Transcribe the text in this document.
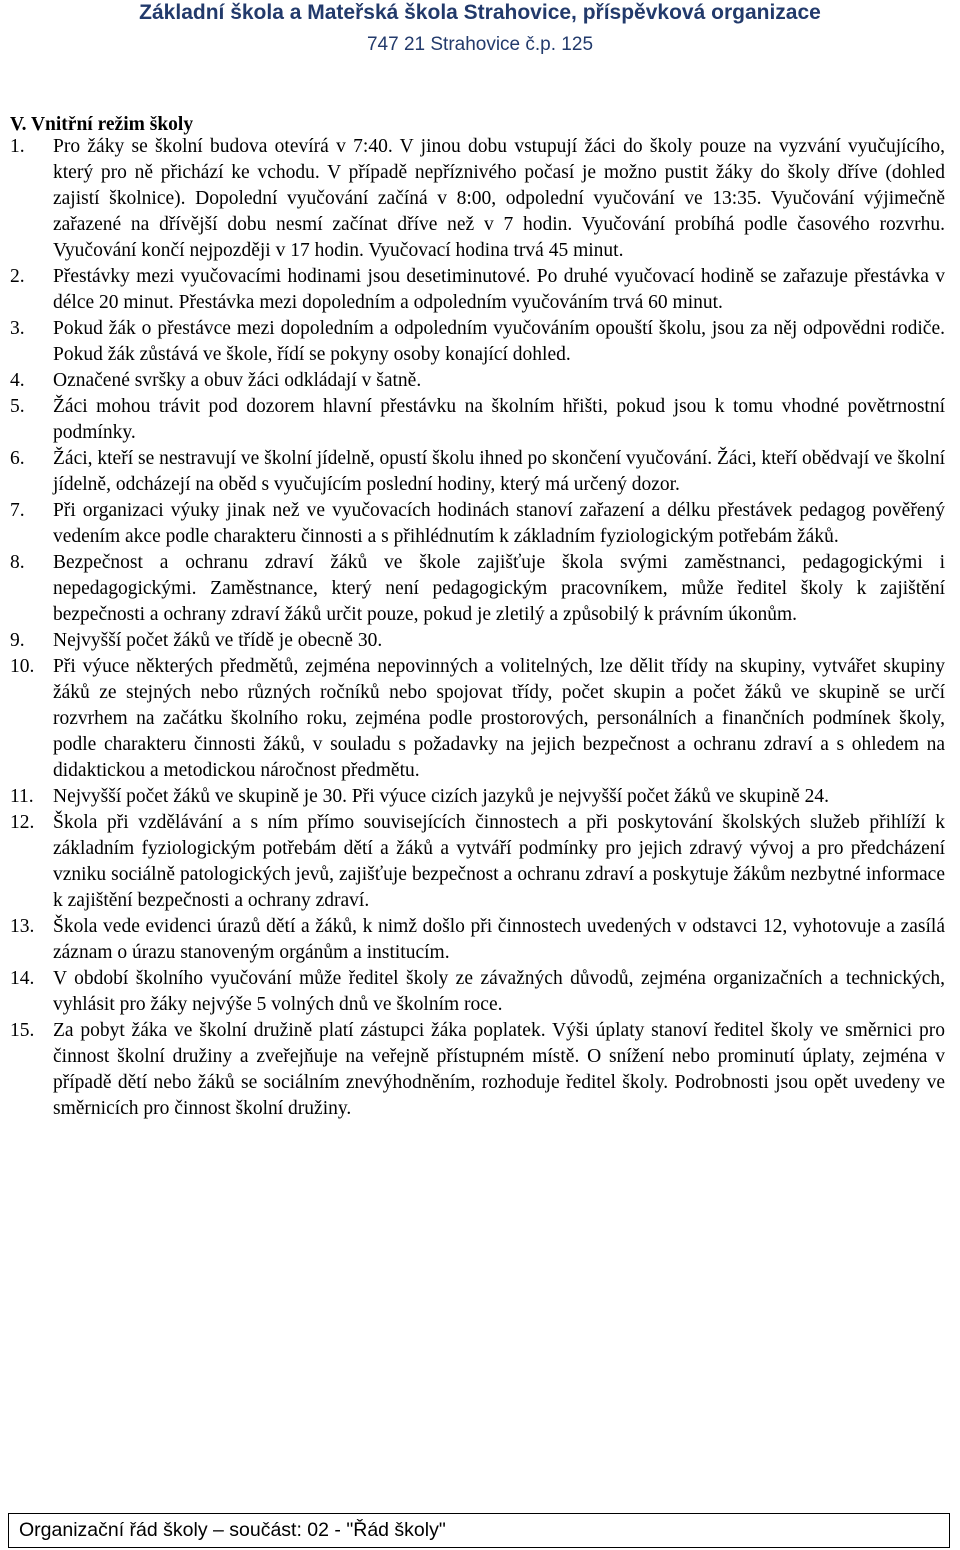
Základní škola a Mateřská škola Strahovice, příspěvková organizace
747 21 Strahovice č.p. 125
V. Vnitřní režim školy
1.	Pro žáky se školní budova otevírá v 7:40. V jinou dobu vstupují žáci do školy pouze na vyzvání vyučujícího, který pro ně přichází ke vchodu. V případě nepříznivého počasí je možno pustit žáky do školy dříve (dohled zajistí školnice). Dopolední vyučování začíná v 8:00, odpolední vyučování ve 13:35. Vyučování výjimečně zařazené na dřívější dobu nesmí začínat dříve než v 7 hodin. Vyučování probíhá podle časového rozvrhu. Vyučování končí nejpozději v 17 hodin. Vyučovací hodina trvá 45 minut.
2.	Přestávky mezi vyučovacími hodinami jsou desetiminutové. Po druhé vyučovací hodině se zařazuje přestávka v délce 20 minut. Přestávka mezi dopoledním a odpoledním vyučováním trvá 60 minut.
3.	Pokud žák o přestávce mezi dopoledním a odpoledním vyučováním opouští školu, jsou za něj odpovědni rodiče. Pokud žák zůstává ve škole, řídí se pokyny osoby konající dohled.
4.	Označené svršky a obuv žáci odkládají v šatně.
5.	Žáci mohou trávit pod dozorem hlavní přestávku na školním hřišti, pokud jsou k tomu vhodné povětrnostní podmínky.
6.	Žáci, kteří se nestravují ve školní jídelně, opustí školu ihned po skončení vyučování. Žáci, kteří obědvají ve školní jídelně, odcházejí na oběd s vyučujícím poslední hodiny, který má určený dozor.
7.	Při organizaci výuky jinak než ve vyučovacích hodinách stanoví zařazení a délku přestávek pedagog pověřený vedením akce podle charakteru činnosti a s přihlédnutím k základním fyziologickým potřebám žáků.
8.	Bezpečnost a ochranu zdraví žáků ve škole zajišťuje škola svými zaměstnanci, pedagogickými i nepedagogickými. Zaměstnance, který není pedagogickým pracovníkem, může ředitel školy k zajištění bezpečnosti a ochrany zdraví žáků určit pouze, pokud je zletilý a způsobilý k právním úkonům.
9.	Nejvyšší počet žáků ve třídě je obecně 30.
10. Při výuce některých předmětů, zejména nepovinných a volitelných, lze dělit třídy na skupiny, vytvářet skupiny žáků ze stejných nebo různých ročníků nebo spojovat třídy, počet skupin a počet žáků ve skupině se určí rozvrhem na začátku školního roku, zejména podle prostorových, personálních a finančních podmínek školy, podle charakteru činnosti žáků, v souladu s požadavky na jejich bezpečnost a ochranu zdraví a s ohledem na didaktickou a metodickou náročnost předmětu.
11. Nejvyšší počet žáků ve skupině je 30. Při výuce cizích jazyků je nejvyšší počet žáků ve skupině 24.
12. Škola při vzdělávání a s ním přímo souvisejících činnostech a při poskytování školských služeb přihlíží k základním fyziologickým potřebám dětí a žáků a vytváří podmínky pro jejich zdravý vývoj a pro předcházení vzniku sociálně patologických jevů, zajišťuje bezpečnost a ochranu zdraví a poskytuje žákům nezbytné informace k zajištění bezpečnosti a ochrany zdraví.
13. Škola vede evidenci úrazů dětí a žáků, k nimž došlo při činnostech uvedených v odstavci 12, vyhotovuje a zasílá záznam o úrazu stanoveným orgánům a institucím.
14. V období školního vyučování může ředitel školy ze závažných důvodů, zejména organizačních a technických, vyhlásit pro žáky nejvýše 5 volných dnů ve školním roce.
15. Za pobyt žáka ve školní družině platí zástupci žáka poplatek. Výši úplaty stanoví ředitel školy ve směrnici pro činnost školní družiny a zveřejňuje na veřejně přístupném místě. O snížení nebo prominutí úplaty, zejména v případě dětí nebo žáků se sociálním znevýhodněním, rozhoduje ředitel školy. Podrobnosti jsou opět uvedeny ve směrnicích pro činnost školní družiny.
Organizační řád školy – součást: 02 - "Řád školy"
